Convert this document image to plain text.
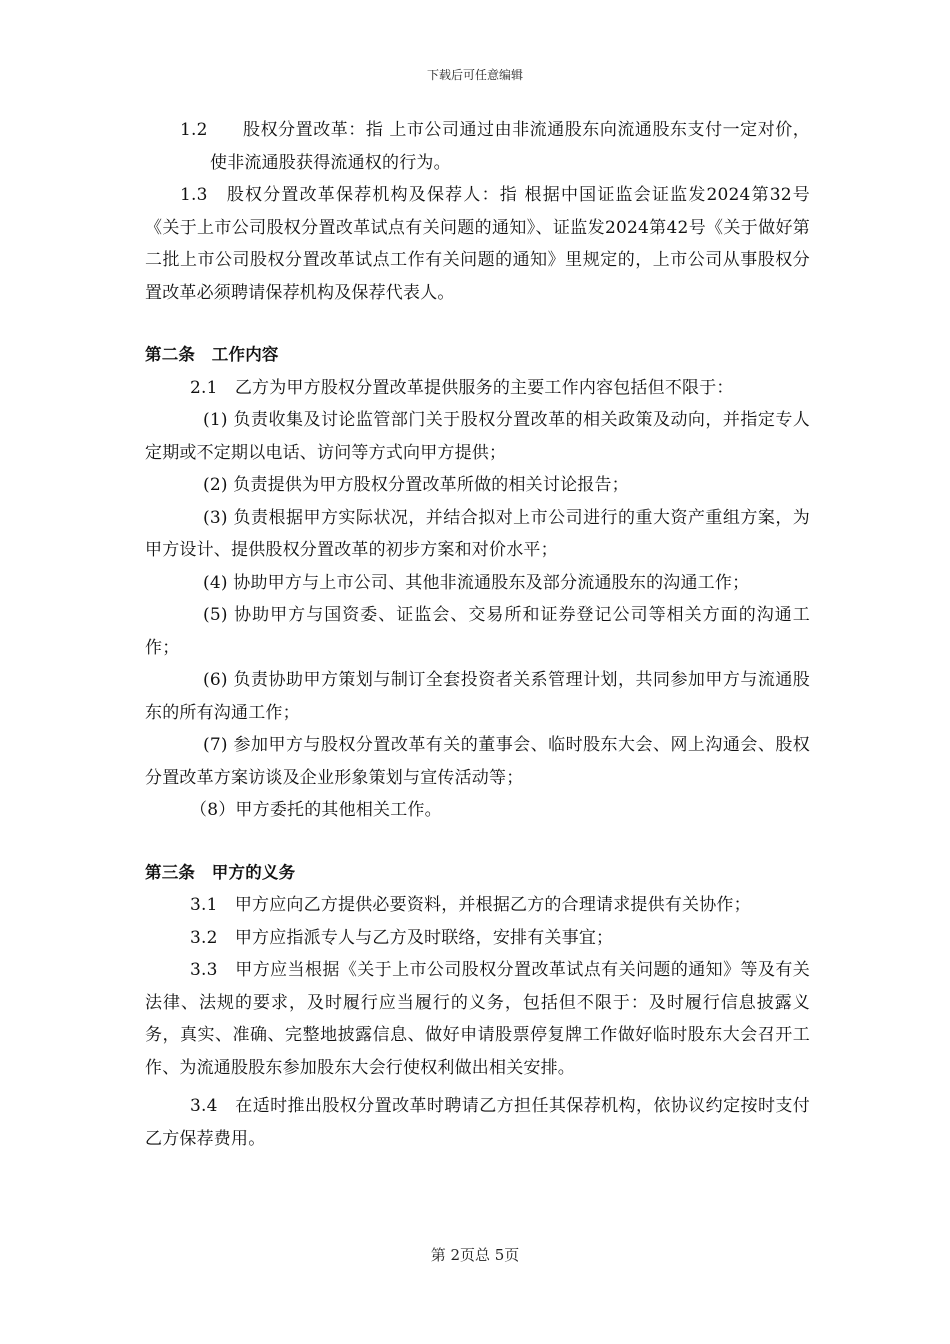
下载后可任意编辑

1.2　　股权分置改革：指 上市公司通过由非流通股东向流通股东支付一定对价，使非流通股获得流通权的行为。

1.3　股权分置改革保荐机构及保荐人：指 根据中国证监会证监发2024第32号《关于上市公司股权分置改革试点有关问题的通知》、证监发2024第42号《关于做好第二批上市公司股权分置改革试点工作有关问题的通知》里规定的，上市公司从事股权分置改革必须聘请保荐机构及保荐代表人。

第二条　工作内容

2.1　乙方为甲方股权分置改革提供服务的主要工作内容包括但不限于：

(1) 负责收集及讨论监管部门关于股权分置改革的相关政策及动向，并指定专人定期或不定期以电话、访问等方式向甲方提供；

(2) 负责提供为甲方股权分置改革所做的相关讨论报告；

(3) 负责根据甲方实际状况，并结合拟对上市公司进行的重大资产重组方案，为甲方设计、提供股权分置改革的初步方案和对价水平；

(4) 协助甲方与上市公司、其他非流通股东及部分流通股东的沟通工作；

(5) 协助甲方与国资委、证监会、交易所和证券登记公司等相关方面的沟通工作；

(6) 负责协助甲方策划与制订全套投资者关系管理计划，共同参加甲方与流通股东的所有沟通工作；

(7) 参加甲方与股权分置改革有关的董事会、临时股东大会、网上沟通会、股权分置改革方案访谈及企业形象策划与宣传活动等；

（8）甲方委托的其他相关工作。

第三条　甲方的义务

3.1　甲方应向乙方提供必要资料，并根据乙方的合理请求提供有关协作；

3.2　甲方应指派专人与乙方及时联络，安排有关事宜；

3.3　甲方应当根据《关于上市公司股权分置改革试点有关问题的通知》等及有关法律、法规的要求，及时履行应当履行的义务，包括但不限于：及时履行信息披露义务，真实、准确、完整地披露信息、做好申请股票停复牌工作做好临时股东大会召开工作、为流通股股东参加股东大会行使权利做出相关安排。

3.4　在适时推出股权分置改革时聘请乙方担任其保荐机构，依协议约定按时支付乙方保荐费用。

第 2页总 5页
